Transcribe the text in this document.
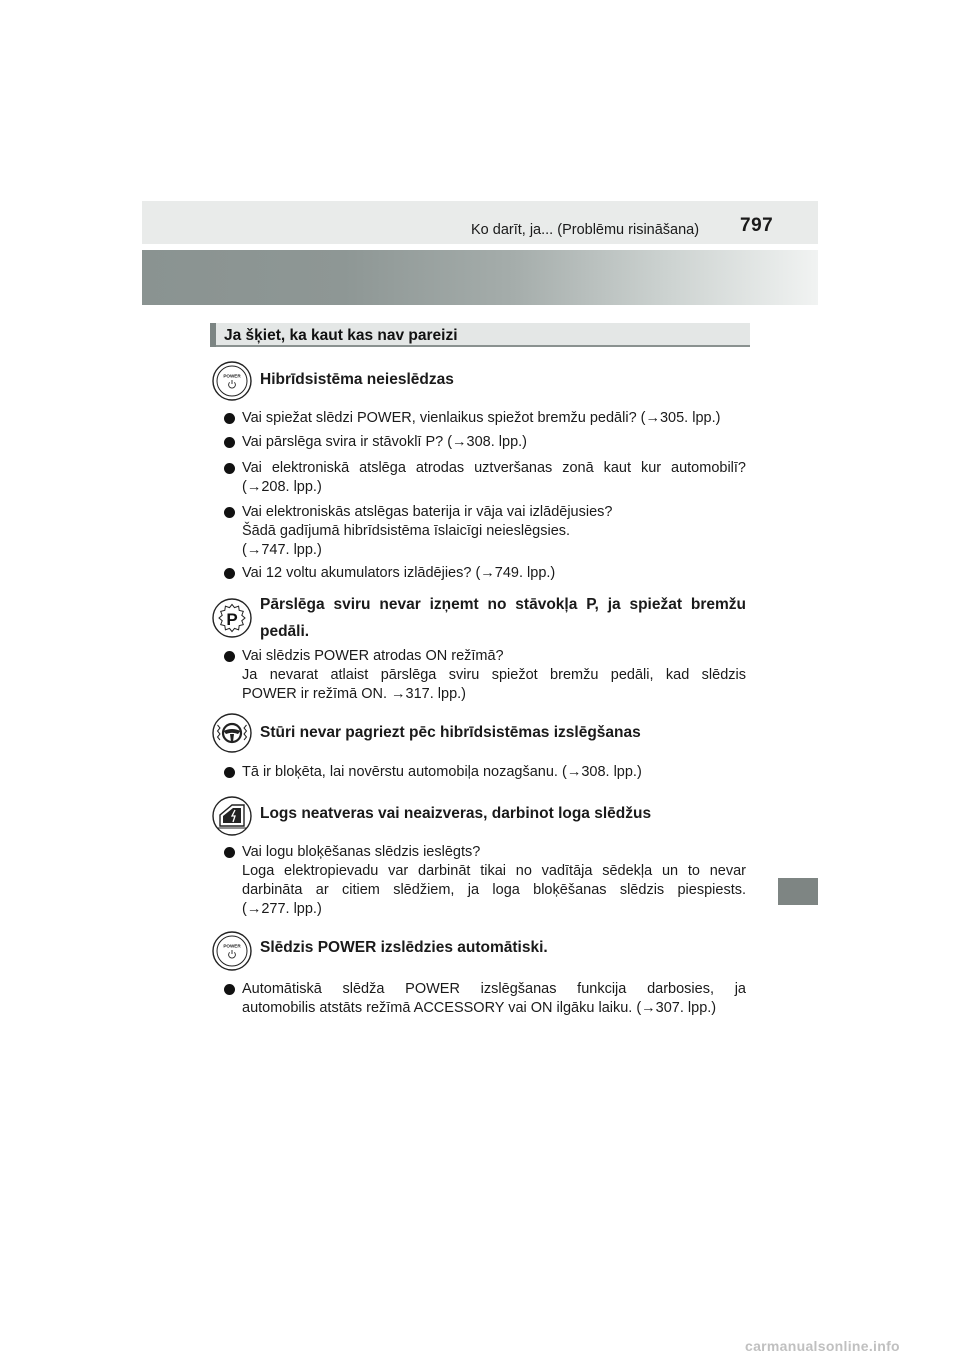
Ko darīt, ja... (Problēmu risināšana) 797
Ja šķiet, ka kaut kas nav pareizi
POWER Hibrīdsistēma neieslēdzas
Vai spiežat slēdzi POWER, vienlaikus spiežot bremžu pedāli? (→305. lpp.)
Vai pārslēga svira ir stāvoklī P? (→308. lpp.)
Vai elektroniskā atslēga atrodas uztveršanas zonā kaut kur automobilī?
(→208. lpp.)
Vai elektroniskās atslēgas baterija ir vāja vai izlādējusies?
Šādā gadījumā hibrīdsistēma īslaicīgi neieslēgsies.
(→747. lpp.)
Vai 12 voltu akumulators izlādējies? (→749. lpp.)
P
Pārslēga sviru nevar izņemt no stāvokļa P, ja spiežat bremžu
pedāli.
Vai slēdzis POWER atrodas ON režīmā?
Ja nevarat atlaist pārslēga sviru spiežot bremžu pedāli, kad slēdzis
POWER ir režīmā ON. →317. lpp.)
Stūri nevar pagriezt pēc hibrīdsistēmas izslēgšanas
Tā ir bloķēta, lai novērstu automobiļa nozagšanu. (→308. lpp.)
Logs neatveras vai neaizveras, darbinot loga slēdžus
Vai logu bloķēšanas slēdzis ieslēgts?
Loga elektropievadu var darbināt tikai no vadītāja sēdekļa un to nevar
darbināta ar citiem slēdžiem, ja loga bloķēšanas slēdzis piespiests.
(→277. lpp.)
POWER Slēdzis POWER izslēdzies automātiski.
Automātiskā slēdža POWER izslēgšanas funkcija darbosies, ja
automobilis atstāts režīmā ACCESSORY vai ON ilgāku laiku. (→307. lpp.)
carmanualsonline.info
